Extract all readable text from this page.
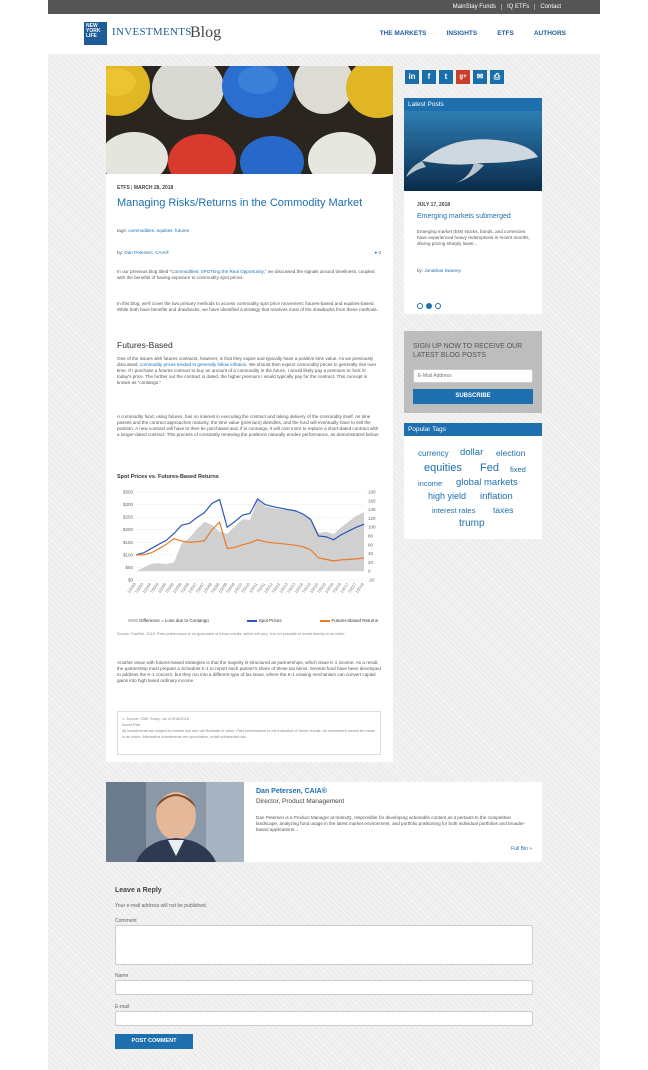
MainStay Funds	IQ ETFs	Contact
NEW
YORK
LIFE	INVESTMENTS
Blog	THE MARKETS	INSIGHTS	ETFS	AUTHORS
ETFS | MARCH 28, 2018
Managing Risks/Returns in the Commodity Market
tags: commodities, equities, futures
by: Dan Petersen, CAIA®	● 0
In our previous blog titled "Commodities: SPOTting the Real Opportunity," we discussed the signals around timeliness, coupled with the benefits of having exposure to commodity spot prices.
In this blog, we'll cover the two primary methods to access commodity spot price movement: futures-based and equities-based. While both have benefits and drawbacks, we have identified a strategy that resolves most of the drawbacks from these methods.
Futures-Based
One of the issues with futures contracts, however, is that they expire and typically have a positive time value. As we previously discussed, commodity prices tended to generally follow inflation. We should then expect commodity prices to generally rise over time. If I purchase a futures contract to buy an amount of a commodity in the future, I would likely pay a premium to 'lock in' today's price. The further out the contract is dated, the higher premium I would typically pay for the contract. This concept is known as "contango."
A commodity fund, using futures, has no interest in executing the contract and taking delivery of the commodity itself. As time passes and the contract approaches maturity, the time value (premium) dwindles, and the fund will eventually have to sell the position. A new contract will have to then be purchased and, if in contango, it will cost more to replace a short-dated contract with a longer-dated contract. This process of constantly renewing the positions naturally erodes performance, as demonstrated below:
Spot Prices vs. Futures-Based Returns
$350
$300
$250
$200
$150
$100
$50
$0
180
160
140
120
100
80
60
40
20
0
-20
1/2003
7/2003
1/2004
7/2004
1/2005
7/2005
1/2006
7/2006
1/2007
7/2007
1/2008
7/2008
1/2009
7/2009
1/2010
7/2010
1/2011
7/2011
1/2012
7/2012
1/2013
7/2013
1/2014
7/2014
1/2015
7/2015
1/2016
7/2016
1/2017
7/2017
1/2018
Difference = Loss due to Contango	Spot Prices	Futures-Based Returns
Source: FactSet, 2018. Past performance is no guarantee of future results, which will vary. It is not possible to invest directly in an index.
Another issue with futures-based strategies is that the majority is structured as partnerships, which issue K-1 income. As a result, the partnership must prepare a Schedule K-1 to report each partner's share of these tax items. Several fund have been developed to address the K-1 concern, but they run into a different type of tax issue, where the K-1 erasing mechanism can convert capital gains into high taxed ordinary income.
1. Source: CME Group, as of 3/18/2018
About Risk
All investments are subject to market risk and will fluctuate in value. Past performance is not indicative of future results. An investment cannot be made in an index. Alternative investments are speculative, entail substantial risk,
in	f	t	g+	✉	⎙
Latest Posts
JULY 17, 2018
Emerging markets submerged
Emerging market (EM) stocks, bonds, and currencies have experienced heavy redemptions in recent months, driving pricing sharply lower...
by: Jonathan Swaney
SIGN UP NOW TO RECEIVE OUR LATEST BLOG POSTS
E-Mail Address
SUBSCRIBE
Popular Tags
currency dollar election
equities Fed fixed
income global markets
high yield inflation
interest rates taxes
trump
Dan Petersen, CAIA®
Director, Product Management
Dan Petersen is a Product Manager at IndexIQ, responsible for developing actionable content as it pertains to the competitive landscape, analyzing fund usage in the latest market environment, and portfolio positioning for both individual portfolios and broader-based applications…
Full Bio »
Leave a Reply
Your e-mail address will not be published.
Comment
Name
E-mail
POST COMMENT
